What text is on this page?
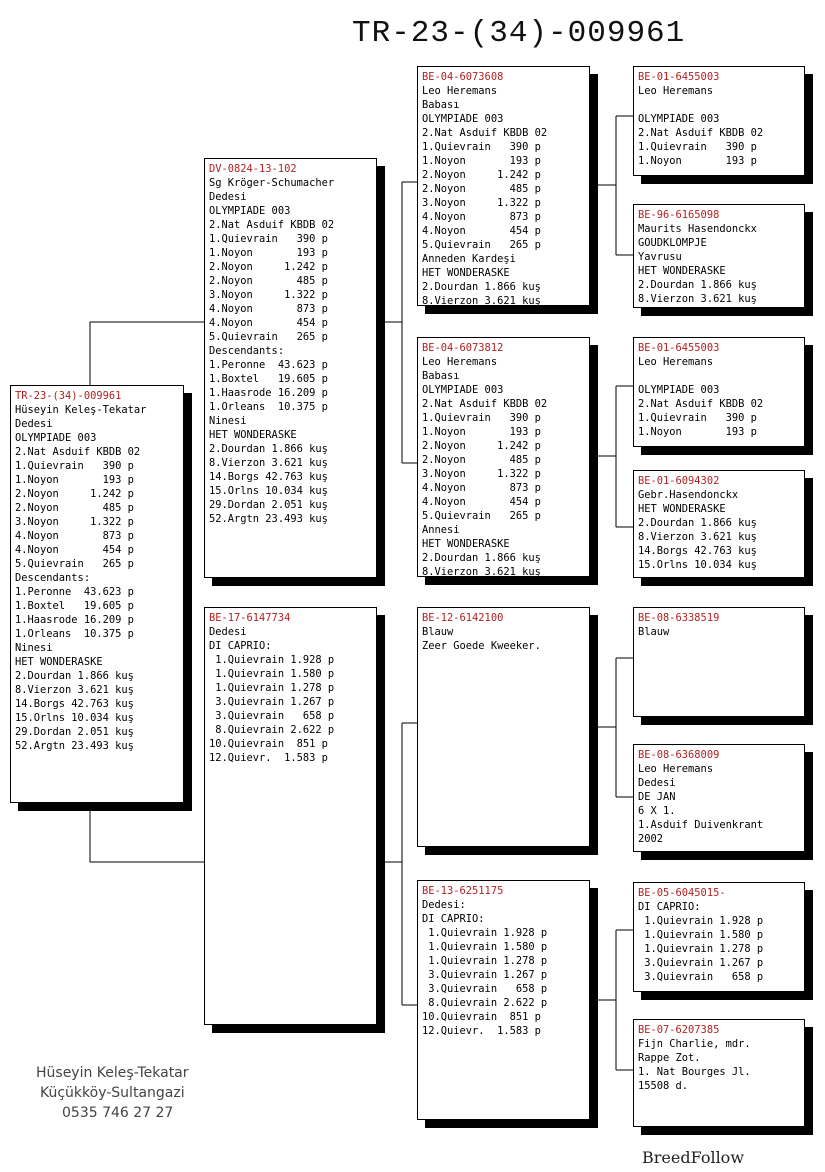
TR-23-(34)-009961
TR-23-(34)-009961
Hüseyin Keleş-Tekatar
Dedesi
OLYMPIADE 003
2.Nat Asduif KBDB 02
1.Quievrain   390 p
1.Noyon       193 p
2.Noyon     1.242 p
2.Noyon       485 p
3.Noyon     1.322 p
4.Noyon       873 p
4.Noyon       454 p
5.Quievrain   265 p
Descendants:
1.Peronne  43.623 p
1.Boxtel   19.605 p
1.Haasrode 16.209 p
1.Orleans  10.375 p
Ninesi
HET WONDERASKE
2.Dourdan 1.866 kuş
8.Vierzon 3.621 kuş
14.Borgs 42.763 kuş
15.Orlns 10.034 kuş
29.Dordan 2.051 kuş
52.Argtn 23.493 kuş
DV-0824-13-102
Sg Kröger-Schumacher
Dedesi
OLYMPIADE 003
2.Nat Asduif KBDB 02
1.Quievrain   390 p
1.Noyon       193 p
2.Noyon     1.242 p
2.Noyon       485 p
3.Noyon     1.322 p
4.Noyon       873 p
4.Noyon       454 p
5.Quievrain   265 p
Descendants:
1.Peronne  43.623 p
1.Boxtel   19.605 p
1.Haasrode 16.209 p
1.Orleans  10.375 p
Ninesi
HET WONDERASKE
2.Dourdan 1.866 kuş
8.Vierzon 3.621 kuş
14.Borgs 42.763 kuş
15.Orlns 10.034 kuş
29.Dordan 2.051 kuş
52.Argtn 23.493 kuş
BE-17-6147734
Dedesi
DI CAPRIO:
1.Quievrain 1.928 p
1.Quievrain 1.580 p
1.Quievrain 1.278 p
3.Quievrain 1.267 p
3.Quievrain   658 p
8.Quievrain 2.622 p
10.Quievrain  851 p
12.Quievr.  1.583 p
BE-04-6073608
Leo Heremans
Babası
OLYMPIADE 003
2.Nat Asduif KBDB 02
1.Quievrain   390 p
1.Noyon       193 p
2.Noyon     1.242 p
2.Noyon       485 p
3.Noyon     1.322 p
4.Noyon       873 p
4.Noyon       454 p
5.Quievrain   265 p
Anneden Kardeşi
HET WONDERASKE
2.Dourdan 1.866 kuş
8.Vierzon 3.621 kuş
BE-04-6073812
Leo Heremans
Babası
OLYMPIADE 003
2.Nat Asduif KBDB 02
1.Quievrain   390 p
1.Noyon       193 p
2.Noyon     1.242 p
2.Noyon       485 p
3.Noyon     1.322 p
4.Noyon       873 p
4.Noyon       454 p
5.Quievrain   265 p
Annesi
HET WONDERASKE
2.Dourdan 1.866 kuş
8.Vierzon 3.621 kuş
BE-12-6142100
Blauw
Zeer Goede Kweeker.
BE-13-6251175
Dedesi:
DI CAPRIO:
1.Quievrain 1.928 p
1.Quievrain 1.580 p
1.Quievrain 1.278 p
3.Quievrain 1.267 p
3.Quievrain   658 p
8.Quievrain 2.622 p
10.Quievrain  851 p
12.Quievr.  1.583 p
BE-01-6455003
Leo Heremans

OLYMPIADE 003
2.Nat Asduif KBDB 02
1.Quievrain   390 p
1.Noyon       193 p
BE-96-6165098
Maurits Hasendonckx
GOUDKLOMPJE
Yavrusu
HET WONDERASKE
2.Dourdan 1.866 kuş
8.Vierzon 3.621 kuş
BE-01-6455003
Leo Heremans

OLYMPIADE 003
2.Nat Asduif KBDB 02
1.Quievrain   390 p
1.Noyon       193 p
BE-01-6094302
Gebr.Hasendonckx
HET WONDERASKE
2.Dourdan 1.866 kuş
8.Vierzon 3.621 kuş
14.Borgs 42.763 kuş
15.Orlns 10.034 kuş
BE-08-6338519
Blauw
BE-08-6368009
Leo Heremans
Dedesi
DE JAN
6 X 1.
1.Asduif Duivenkrant
2002
BE-05-6045015-
DI CAPRIO:
1.Quievrain 1.928 p
1.Quievrain 1.580 p
1.Quievrain 1.278 p
3.Quievrain 1.267 p
3.Quievrain   658 p
BE-07-6207385
Fijn Charlie, mdr.
Rappe Zot.
1. Nat Bourges Jl.
15508 d.
Hüseyin Keleş-Tekatar
Küçükköy-Sultangazi
0535 746 27 27
BreedFollow
